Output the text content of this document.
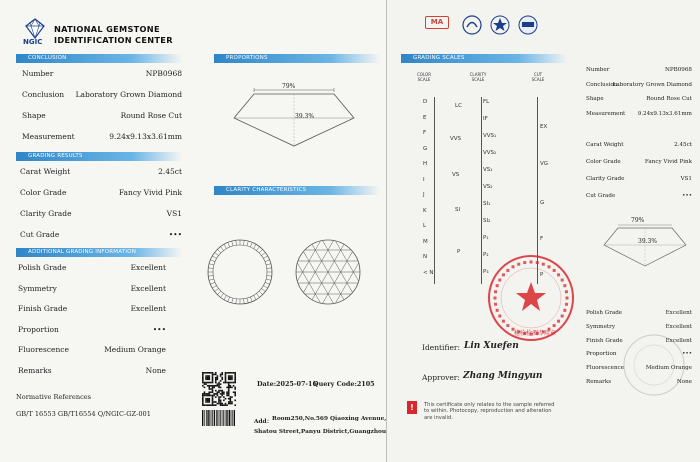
NGIC
NATIONAL GEMSTONE
IDENTIFICATION CENTER
CONCLUSION
Number	NPB0968
Conclusion Laboratory Grown Diamond
Shape	Round Rose Cut
Measurement	9.24x9.13x3.61mm
GRADING RESULTS
Carat Weight	2.45ct
Color Grade	Fancy Vivid Pink
Clarity Grade	VS1
Cut Grade	•••
ADDITIONAL GRADING INFORMATION
Polish Grade	Excellent
Symmetry	Excellent
Finish Grade	Excellent
Proportion	•••
Fluorescence	Medium Orange
Remarks	None
Normative References
GB/T 16553 GB/T16554 Q/NGIC-GZ-001
PROPORTIONS
79%
39.3%
CLARITY CHARACTERISTICS
Date:2025-07-16
Query Code:2105
Add： Room250,No.569 Qiaoxing Avenue,
Shatou Street,Panyu District,Guangzhou
MA
GRADING SCALES
COLOR
SCALE
CLARITY
SCALE
CUT
SCALE
D
E
F
G
H
I
J
K
L
M
N
< N
FL
IF
VVS₁
VVS₂
VS₁
VS₂
SI₁
SI₂
P₁
P₂
P₃
LC
VVS
VS
SI
P
EX
VG
G
F
P
检验检测专用章
Identifier: Lin Xuefen
Approver: Zhang Mingyun
!	This certificate only relates to the sample referred
to within. Photocopy, reproduction and alteration
are invalid.
Number	NPB0968
Conclusion
Laboratory Grown Diamond
Shape	Round Rose Cut
Measurement 9.24x9.13x3.61mm
Carat Weight	2.45ct
Color Grade	Fancy Vivid Pink
Clarity Grade	VS1
Cut Grade	•••
79%
39.3%
Polish Grade	Excellent
Symmetry	Excellent
Finish Grade	Excellent
Proportion	•••
Fluorescence	Medium Orange
Remarks	None
